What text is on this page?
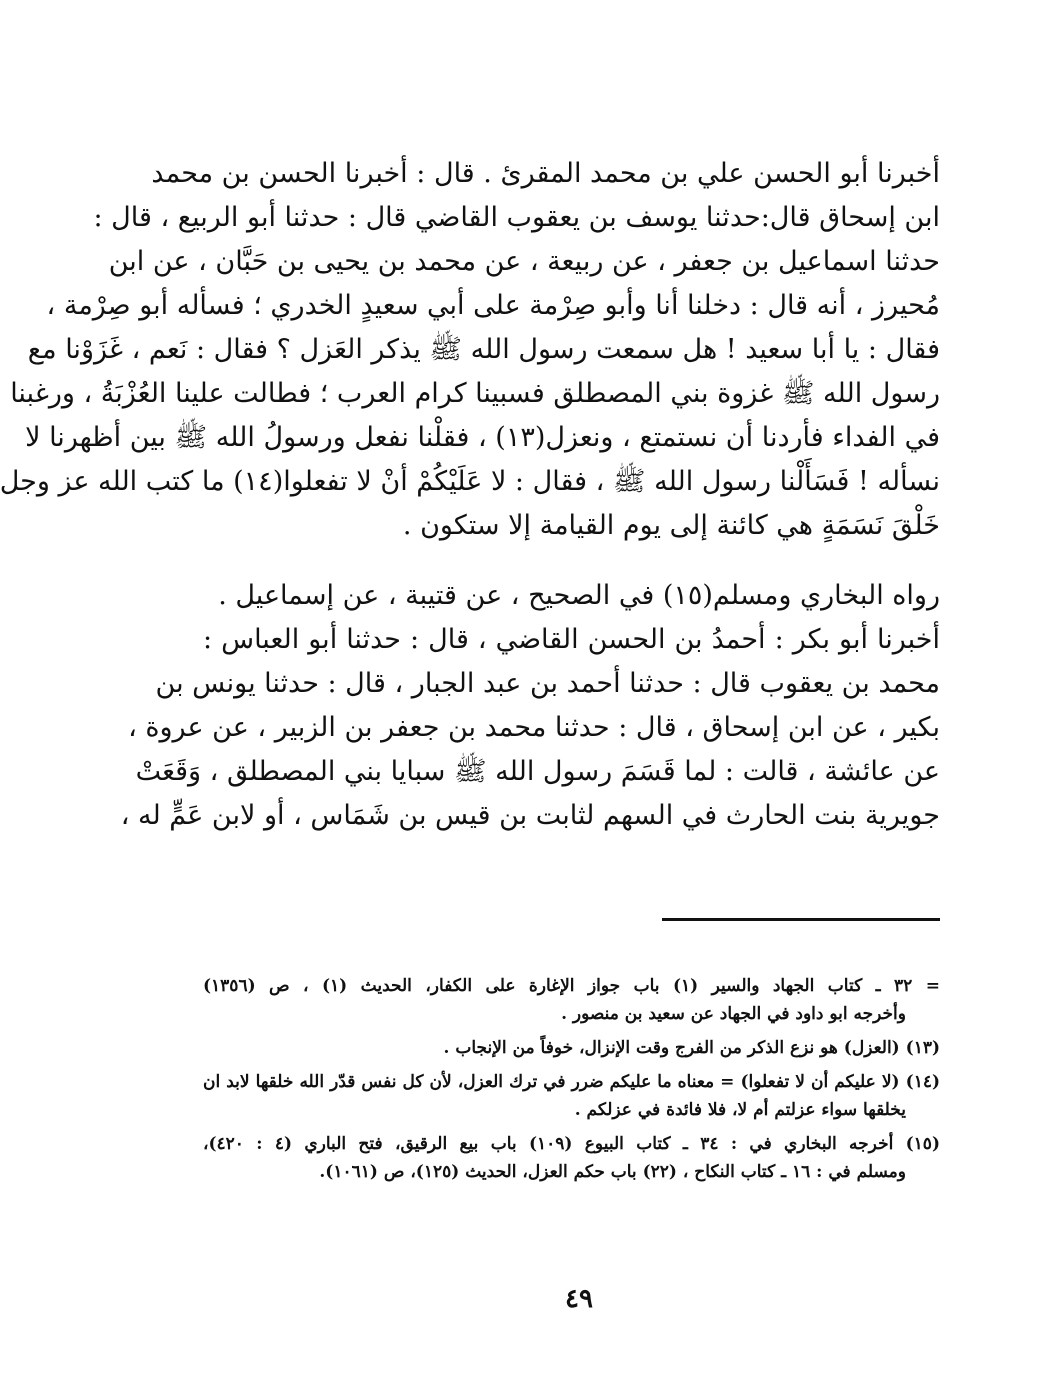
أخبرنا أبو الحسن علي بن محمد المقرئ . قال : أخبرنا الحسن بن محمد
ابن إسحاق قال:حدثنا يوسف بن يعقوب القاضي قال : حدثنا أبو الربيع ، قال :
حدثنا اسماعيل بن جعفر ، عن ربيعة ، عن محمد بن يحيى بن حَبَّان ، عن ابن
مُحيرز ، أنه قال : دخلنا أنا وأبو صِرْمة على أبي سعيدٍ الخدري ؛ فسأله أبو صِرْمة ،
فقال : يا أبا سعيد ! هل سمعت رسول الله ﷺ يذكر العَزل ؟ فقال : نَعم ، غَزَوْنا مع
رسول الله ﷺ غزوة بني المصطلق فسبينا كرام العرب ؛ فطالت علينا العُزْبَةُ ، ورغبنا
في الفداء فأردنا أن نستمتع ، ونعزل(١٣) ، فقلْنا نفعل ورسولُ الله ﷺ بين أظهرنا لا
نسأله ! فَسَأَلْنا رسول الله ﷺ ، فقال : لا عَلَيْكُمْ أنْ لا تفعلوا(١٤) ما كتب الله عز وجل
خَلْقَ نَسَمَةٍ هي كائنة إلى يوم القيامة إلا ستكون .
رواه البخاري ومسلم(١٥) في الصحيح ، عن قتيبة ، عن إسماعيل .
أخبرنا أبو بكر : أحمدُ بن الحسن القاضي ، قال : حدثنا أبو العباس :
محمد بن يعقوب قال : حدثنا أحمد بن عبد الجبار ، قال : حدثنا يونس بن
بكير ، عن ابن إسحاق ، قال : حدثنا محمد بن جعفر بن الزبير ، عن عروة ،
عن عائشة ، قالت : لما قَسَمَ رسول الله ﷺ سبايا بني المصطلق ، وَقَعَتْ
جويرية بنت الحارث في السهم لثابت بن قيس بن شَمَاس ، أو لابن عَمٍّ له ،
= ٣٢ ـ كتاب الجهاد والسير (١) باب جواز الإغارة على الكفار، الحديث (١) ، ص (١٣٥٦)
وأخرجه ابو داود في الجهاد عن سعيد بن منصور .
(١٣) (العزل) هو نزع الذكر من الفرج وقت الإنزال، خوفاً من الإنجاب .
(١٤) (لا عليكم أن لا تفعلوا) = معناه ما عليكم ضرر في ترك العزل، لأن كل نفس قدّر الله خلقها لابد ان
يخلقها سواء عزلتم أم لا، فلا فائدة في عزلكم .
(١٥) أخرجه البخاري في : ٣٤ ـ كتاب البيوع (١٠٩) باب بيع الرقيق، فتح الباري (٤ : ٤٢٠)،
ومسلم في : ١٦ ـ كتاب النكاح ، (٢٢) باب حكم العزل، الحديث (١٢٥)، ص (١٠٦١).
٤٩
